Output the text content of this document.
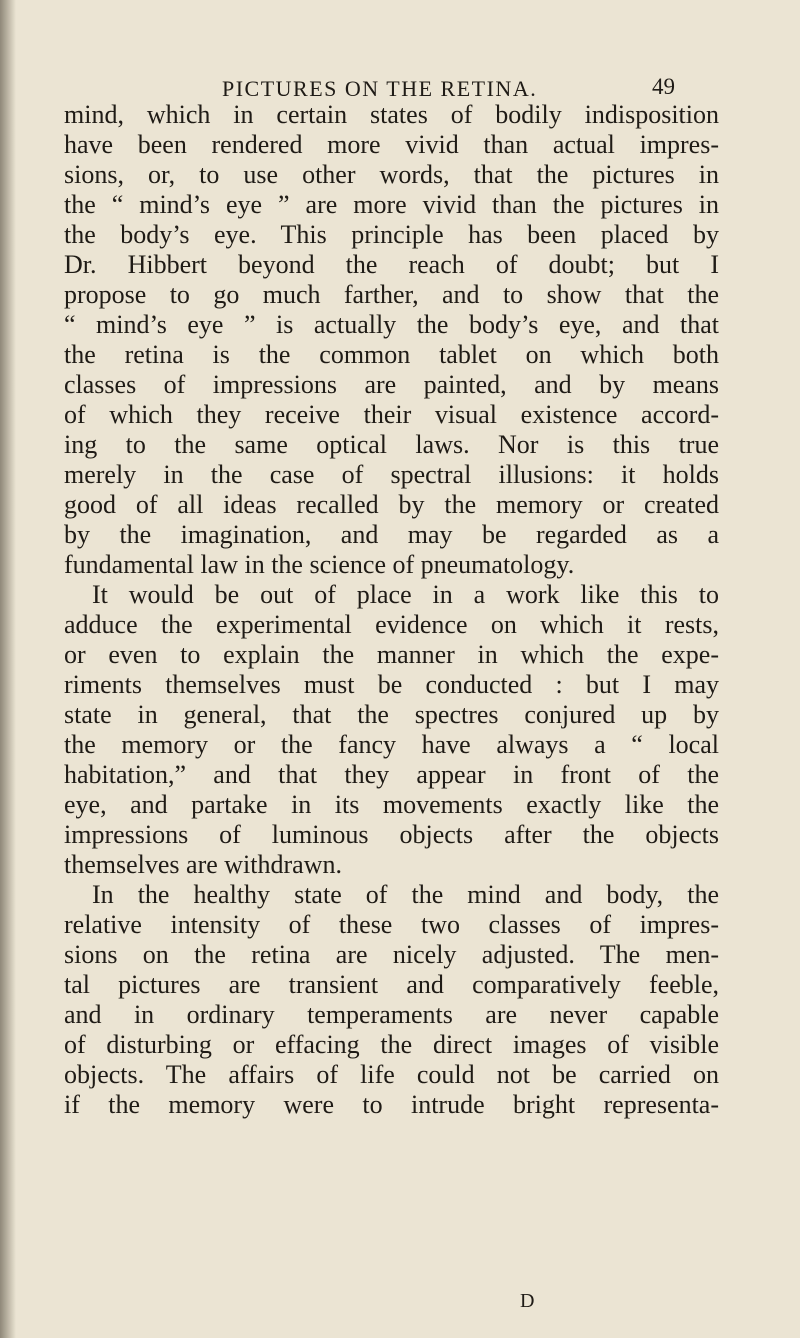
PICTURES ON THE RETINA.	49
mind, which in certain states of bodily indisposition
have been rendered more vivid than actual impres-
sions, or, to use other words, that the pictures in
the “ mind’s eye ” are more vivid than the pictures in
the body’s eye. This principle has been placed by
Dr. Hibbert beyond the reach of doubt; but I
propose to go much farther, and to show that the
“ mind’s eye ” is actually the body’s eye, and that
the retina is the common tablet on which both
classes of impressions are painted, and by means
of which they receive their visual existence accord-
ing to the same optical laws. Nor is this true
merely in the case of spectral illusions: it holds
good of all ideas recalled by the memory or created
by the imagination, and may be regarded as a
fundamental law in the science of pneumatology.
It would be out of place in a work like this to
adduce the experimental evidence on which it rests,
or even to explain the manner in which the expe-
riments themselves must be conducted : but I may
state in general, that the spectres conjured up by
the memory or the fancy have always a “ local
habitation,” and that they appear in front of the
eye, and partake in its movements exactly like the
impressions of luminous objects after the objects
themselves are withdrawn.
In the healthy state of the mind and body, the
relative intensity of these two classes of impres-
sions on the retina are nicely adjusted. The men-
tal pictures are transient and comparatively feeble,
and in ordinary temperaments are never capable
of disturbing or effacing the direct images of visible
objects. The affairs of life could not be carried on
if the memory were to intrude bright representa-
D
